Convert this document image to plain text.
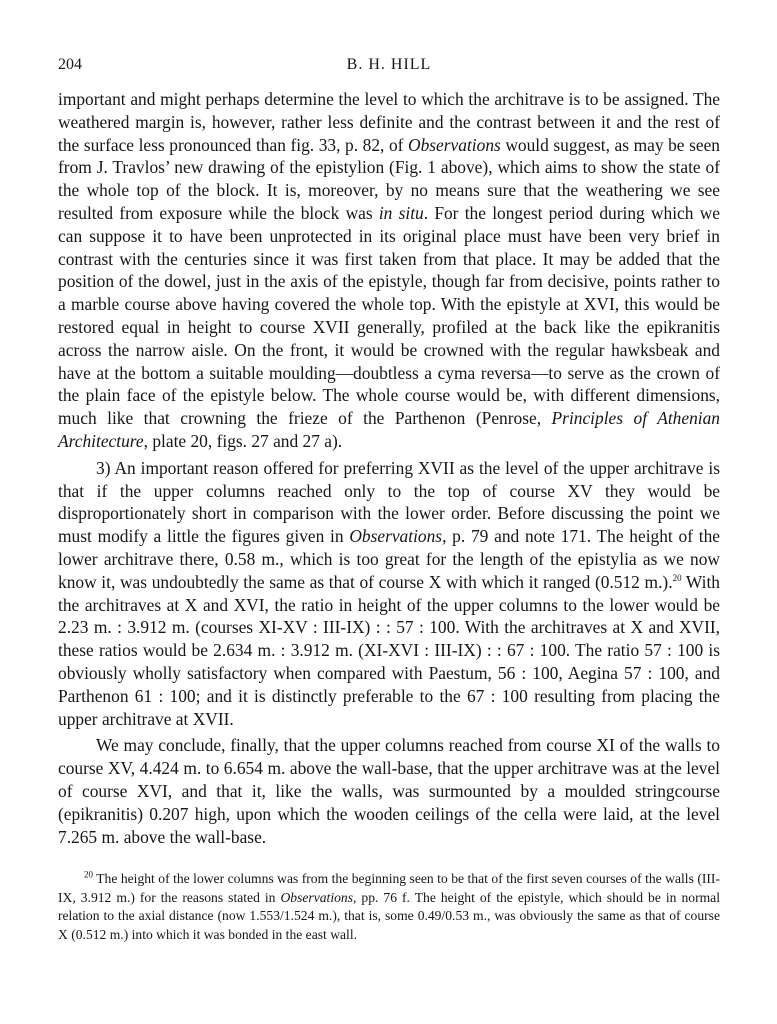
204	B. H. HILL

important and might perhaps determine the level to which the architrave is to be assigned. The weathered margin is, however, rather less definite and the contrast between it and the rest of the surface less pronounced than fig. 33, p. 82, of Observations would suggest, as may be seen from J. Travlos’ new drawing of the epistylion (Fig. 1 above), which aims to show the state of the whole top of the block. It is, moreover, by no means sure that the weathering we see resulted from exposure while the block was in situ. For the longest period during which we can suppose it to have been unprotected in its original place must have been very brief in contrast with the centuries since it was first taken from that place. It may be added that the position of the dowel, just in the axis of the epistyle, though far from decisive, points rather to a marble course above having covered the whole top. With the epistyle at XVI, this would be restored equal in height to course XVII generally, profiled at the back like the epikranitis across the narrow aisle. On the front, it would be crowned with the regular hawksbeak and have at the bottom a suitable moulding—doubtless a cyma reversa—to serve as the crown of the plain face of the epistyle below. The whole course would be, with different dimensions, much like that crowning the frieze of the Parthenon (Penrose, Principles of Athenian Architecture, plate 20, figs. 27 and 27 a).

3) An important reason offered for preferring XVII as the level of the upper architrave is that if the upper columns reached only to the top of course XV they would be disproportionately short in comparison with the lower order. Before discussing the point we must modify a little the figures given in Observations, p. 79 and note 171. The height of the lower architrave there, 0.58 m., which is too great for the length of the epistylia as we now know it, was undoubtedly the same as that of course X with which it ranged (0.512 m.).$^{20}$ With the architraves at X and XVI, the ratio in height of the upper columns to the lower would be 2.23 m. : 3.912 m. (courses XI-XV : III-IX) : : 57 : 100. With the architraves at X and XVII, these ratios would be 2.634 m. : 3.912 m. (XI-XVI : III-IX) : : 67 : 100. The ratio 57 : 100 is obviously wholly satisfactory when compared with Paestum, 56 : 100, Aegina 57 : 100, and Parthenon 61 : 100; and it is distinctly preferable to the 67 : 100 resulting from placing the upper architrave at XVII.

We may conclude, finally, that the upper columns reached from course XI of the walls to course XV, 4.424 m. to 6.654 m. above the wall-base, that the upper architrave was at the level of course XVI, and that it, like the walls, was surmounted by a moulded stringcourse (epikranitis) 0.207 high, upon which the wooden ceilings of the cella were laid, at the level 7.265 m. above the wall-base.

$^{20}$ The height of the lower columns was from the beginning seen to be that of the first seven courses of the walls (III-IX, 3.912 m.) for the reasons stated in Observations, pp. 76 f. The height of the epistyle, which should be in normal relation to the axial distance (now 1.553/1.524 m.), that is, some 0.49/0.53 m., was obviously the same as that of course X (0.512 m.) into which it was bonded in the east wall.
